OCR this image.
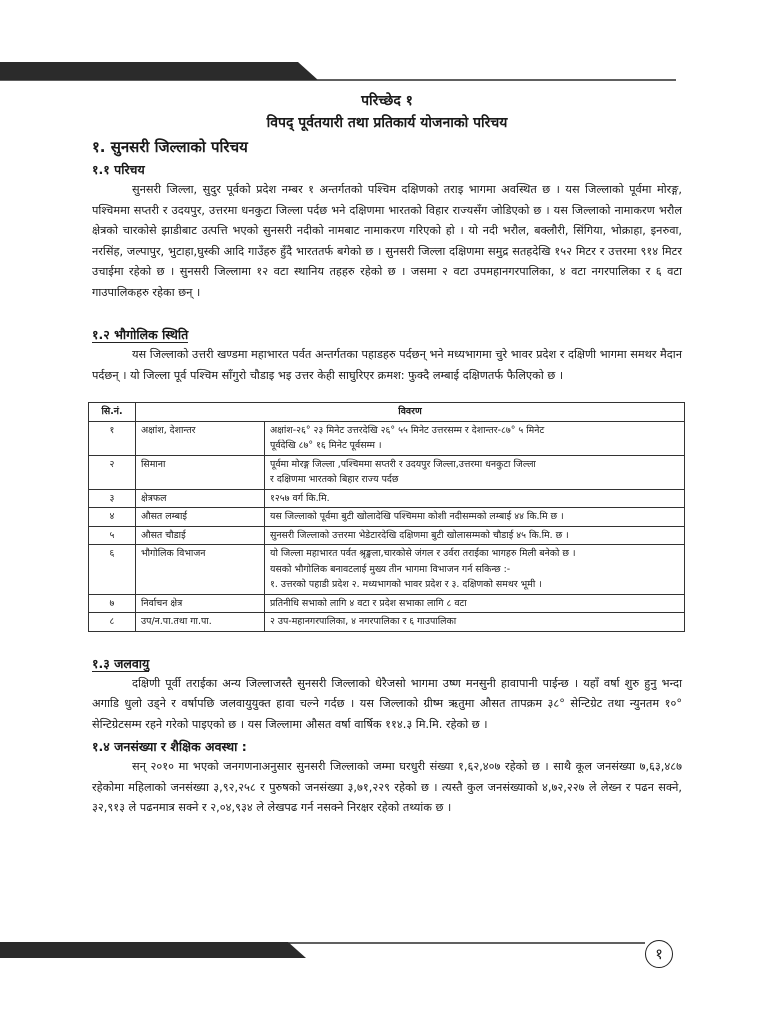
१
परिच्छेद १
विपद् पूर्वतयारी तथा प्रतिकार्य योजनाको परिचय
१. सुनसरी जिल्लाको परिचय
१.१ परिचय

सुनसरी जिल्ला, सुदुर पूर्वको प्रदेश नम्बर १ अन्तर्गतको पश्चिम दक्षिणको तराइ भागमा अवस्थित छ । यस जिल्लाको पूर्वमा मोरङ्ग, पश्चिममा सप्तरी र उदयपुर, उत्तरमा धनकुटा जिल्ला पर्दछ भने दक्षिणमा भारतको विहार राज्यसँग जोडिएको छ । यस जिल्लाको नामाकरण भरौल क्षेत्रको चारकोसे झाडीबाट उत्पत्ति भएको सुनसरी नदीको नामबाट नामाकरण गरिएको हो । यो नदी भरौल, बक्लौरी, सिंगिया, भोक्राहा, इनरुवा, नरसिंह, जल्पापुर, भुटाहा,घुस्की आदि गाउँहरु हुँदै भारततर्फ बगेको छ । सुनसरी जिल्ला दक्षिणमा समुद्र सतहदेखि १५२ मिटर र उत्तरमा ९१४ मिटर उचाईमा रहेको छ । सुनसरी जिल्लामा १२ वटा स्थानिय तहहरु रहेको छ । जसमा २ वटा उपमहानगरपालिका, ४ वटा नगरपालिका र ६ वटा गाउपालिकहरु रहेका छन् ।

१.२ भौगोलिक स्थिति

यस जिल्लाको उत्तरी खण्डमा महाभारत पर्वत अन्तर्गतका पहाडहरु पर्दछन् भने मध्यभागमा चुरे भावर प्रदेश र दक्षिणी भागमा समथर मैदान पर्दछन् । यो जिल्ला पूर्व पश्चिम साँगुरो चौडाइ भइ उत्तर केही साघुरिएर क्रमश: फुक्दै लम्बाई दक्षिणतर्फ फैलिएको छ ।

सि.नं.	विवरण	
१	अक्षांश, देशान्तर	अक्षांश-२६° २३ मिनेट उत्तरदेखि २६° ५५ मिनेट उत्तरसम्म र देशान्तर-८७° ५ मिनेट
पूर्वदेखि ८७° १६ मिनेट पूर्वसम्म ।

२	सिमाना	पूर्वमा मोरङ्ग जिल्ला ,पश्चिममा सप्तरी र उदयपुर जिल्ला,उत्तरमा धनकुटा जिल्ला
र दक्षिणमा भारतको बिहार राज्य पर्दछ

३	क्षेत्रफल	१२५७ वर्ग कि.मि.

४	औसत लम्बाई	यस जिल्लाको पूर्वमा बुटी खोलादेखि पश्चिममा कोशी नदीसम्मको लम्बाई ४४ कि.मि छ ।

५	औसत चौडाई	सुनसरी जिल्लाको उत्तरमा भेडेटारदेखि दक्षिणमा बुटी खोलासम्मको चौडाई ४५ कि.मि. छ ।

६	भौगोलिक विभाजन	यो जिल्ला महाभारत पर्वत श्रृङ्खला,चारकोसे जंगल र उर्वरा तराईका भागहरु मिली बनेको छ ।
यसको भौगोलिक बनावटलाई मुख्य तीन भागमा विभाजन गर्न सकिन्छ :-
१. उत्तरको पहाडी प्रदेश २. मध्यभागको भावर प्रदेश र ३. दक्षिणको समथर भूमी ।

७	निर्वाचन क्षेत्र	प्रतिनीधि सभाको लागि ४ वटा र प्रदेश सभाका लागि ८ वटा

८	उप/न.पा.तथा गा.पा.	२ उप-महानगरपालिका, ४ नगरपालिका र ६ गाउपालिका
१.३ जलवायु

दक्षिणी पूर्वी तराईका अन्य जिल्लाजस्तै सुनसरी जिल्लाको धेरैजसो भागमा उष्ण मनसुनी हावापानी पाईन्छ । यहाँ वर्षा शुरु हुनु भन्दा अगाडि धुलो उड्ने र वर्षापछि जलवायुयुक्त हावा चल्ने गर्दछ । यस जिल्लाको ग्रीष्म ऋतुमा औसत तापक्रम ३८° सेन्टिग्रेट तथा न्युनतम १०° सेन्टिग्रेटसम्म रहने गरेको पाइएको छ । यस जिल्लामा औसत वर्षा वार्षिक ११४.३ मि.मि. रहेको छ ।

१.४ जनसंख्या र शैक्षिक अवस्था :

सन् २०१० मा भएको जनगणनाअनुसार सुनसरी जिल्लाको जम्मा घरधुरी संख्या १,६२,४०७ रहेको छ । साथै कूल जनसंख्या ७,६३,४८७ रहेकोमा महिलाको जनसंख्या ३,९२,२५८ र पुरुषको जनसंख्या ३,७१,२२९ रहेको छ । त्यस्तै कुल जनसंख्याको ४,७२,२२७ ले लेख्न र पढन सक्ने, ३२,९१३ ले पढनमात्र सक्ने र २,०४,९३४ ले लेखपढ गर्न नसक्ने निरक्षर रहेको तथ्यांक छ ।
